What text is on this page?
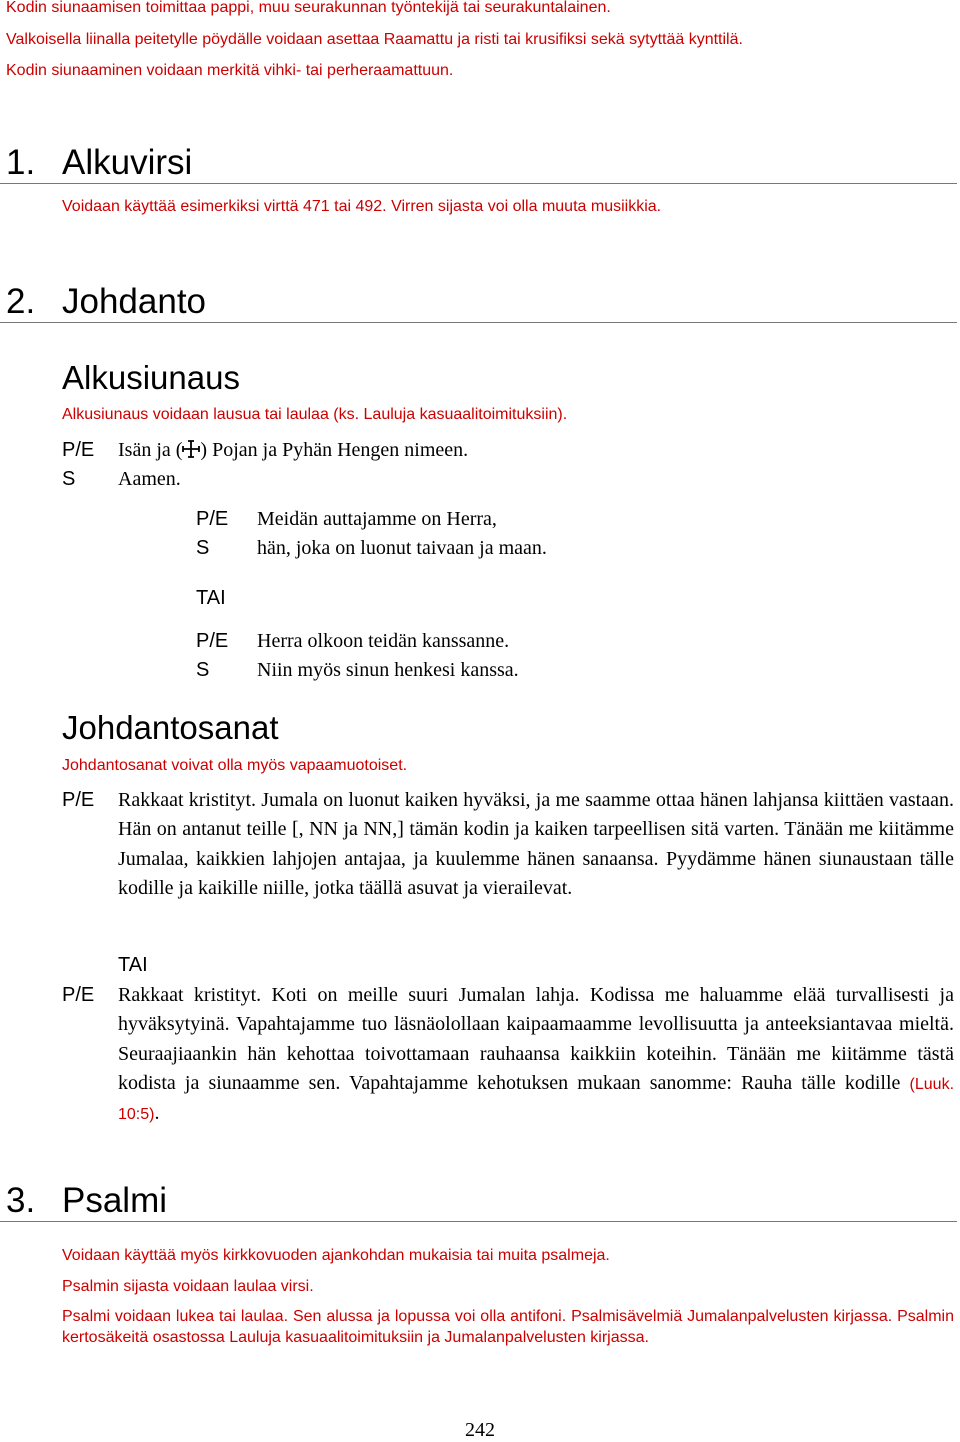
Kodin siunaamisen toimittaa pappi, muu seurakunnan työntekijä tai seurakuntalainen.
Valkoisella liinalla peitetylle pöydälle voidaan asettaa Raamattu ja risti tai krusifiksi sekä sytyttää kynttilä.
Kodin siunaaminen voidaan merkitä vihki- tai perheraamattuun.
1. Alkuvirsi
Voidaan käyttää esimerkiksi virttä 471 tai 492. Virren sijasta voi olla muuta musiikkia.
2. Johdanto
Alkusiunaus
Alkusiunaus voidaan lausua tai laulaa (ks. Lauluja kasuaalitoimituksiin).
P/E Isän ja ( ) Pojan ja Pyhän Hengen nimeen.
S Aamen.
P/E Meidän auttajamme on Herra,
S hän, joka on luonut taivaan ja maan.
TAI
P/E Herra olkoon teidän kanssanne.
S Niin myös sinun henkesi kanssa.
Johdantosanat
Johdantosanat voivat olla myös vapaamuotoiset.
P/E Rakkaat kristityt. Jumala on luonut kaiken hyväksi, ja me saamme ottaa hänen lahjansa kiittäen vastaan. Hän on antanut teille [, NN ja NN,] tämän kodin ja kaiken tarpeellisen sitä varten. Tänään me kiitämme Jumalaa, kaikkien lahjojen antajaa, ja kuulemme hänen sanaansa. Pyydämme hänen siunaustaan tälle kodille ja kaikille niille, jotka täällä asuvat ja vierailevat.
TAI
P/E Rakkaat kristityt. Koti on meille suuri Jumalan lahja. Kodissa me haluamme elää turvallisesti ja hyväksytyinä. Vapahtajamme tuo läsnäolollaan kaipaamaamme levollisuutta ja anteeksiantavaa mieltä. Seuraajiaankin hän kehottaa toivottamaan rauhaansa kaikkiin koteihin. Tänään me kiitämme tästä kodista ja siunaamme sen. Vapahtajamme kehotuksen mukaan sanomme: Rauha tälle kodille (Luuk. 10:5).
3. Psalmi
Voidaan käyttää myös kirkkovuoden ajankohdan mukaisia tai muita psalmeja.
Psalmin sijasta voidaan laulaa virsi.
Psalmi voidaan lukea tai laulaa. Sen alussa ja lopussa voi olla antifoni. Psalmisävelmiä Jumalanpalvelusten kirjassa. Psalmin kertosäkeitä osastossa Lauluja kasuaalitoimituksiin ja Jumalanpalvelusten kirjassa.
242
